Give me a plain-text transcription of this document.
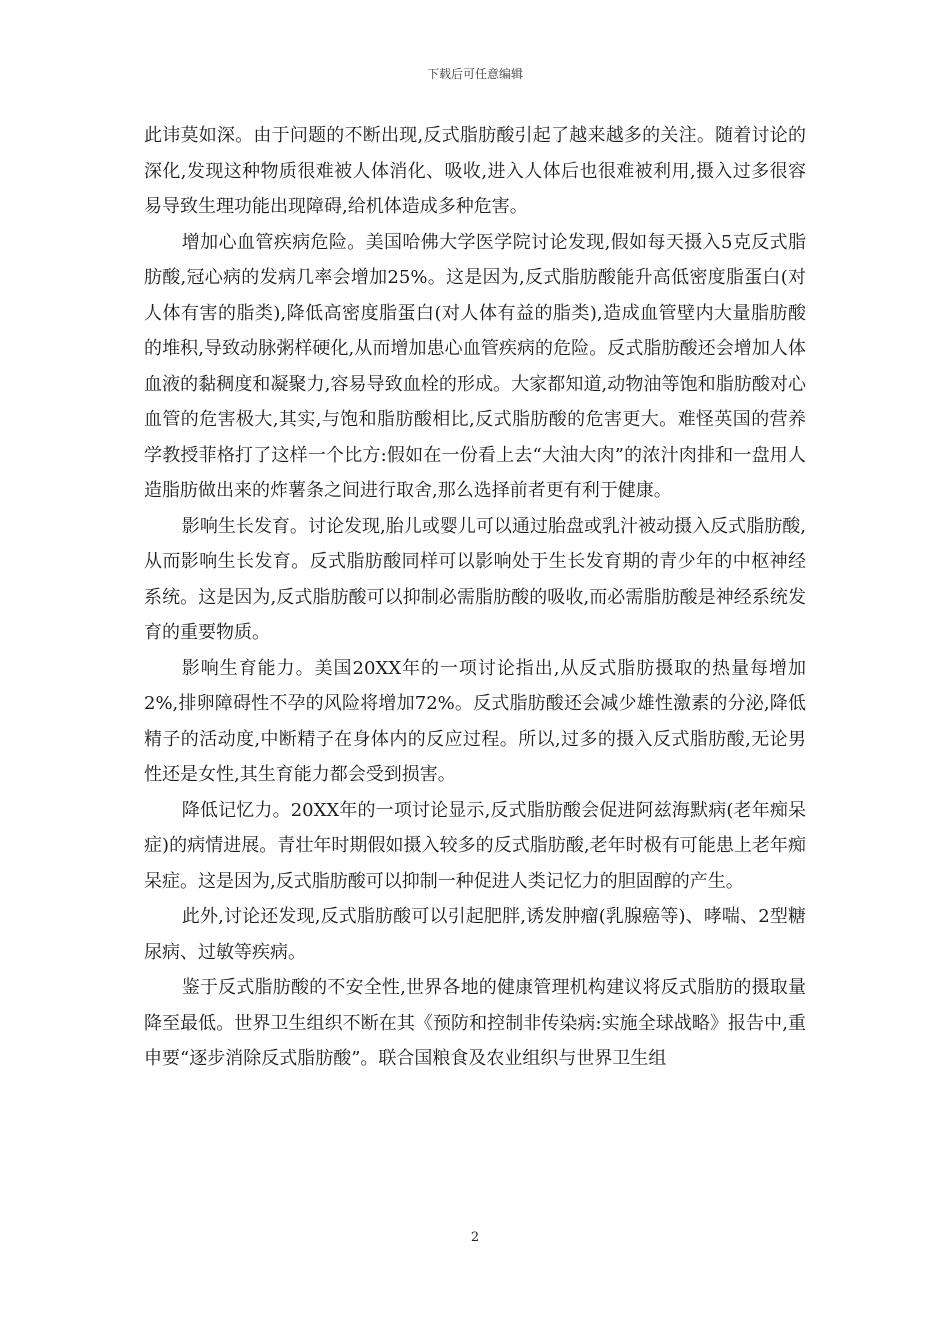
下载后可任意编辑

此讳莫如深。由于问题的不断出现,反式脂肪酸引起了越来越多的关注。随着讨论的深化,发现这种物质很难被人体消化、吸收,进入人体后也很难被利用,摄入过多很容易导致生理功能出现障碍,给机体造成多种危害。

增加心血管疾病危险。美国哈佛大学医学院讨论发现,假如每天摄入5克反式脂肪酸,冠心病的发病几率会增加25%。这是因为,反式脂肪酸能升高低密度脂蛋白(对人体有害的脂类),降低高密度脂蛋白(对人体有益的脂类),造成血管壁内大量脂肪酸的堆积,导致动脉粥样硬化,从而增加患心血管疾病的危险。反式脂肪酸还会增加人体血液的黏稠度和凝聚力,容易导致血栓的形成。大家都知道,动物油等饱和脂肪酸对心血管的危害极大,其实,与饱和脂肪酸相比,反式脂肪酸的危害更大。难怪英国的营养学教授菲格打了这样一个比方:假如在一份看上去“大油大肉”的浓汁肉排和一盘用人造脂肪做出来的炸薯条之间进行取舍,那么选择前者更有利于健康。

影响生长发育。讨论发现,胎儿或婴儿可以通过胎盘或乳汁被动摄入反式脂肪酸,从而影响生长发育。反式脂肪酸同样可以影响处于生长发育期的青少年的中枢神经系统。这是因为,反式脂肪酸可以抑制必需脂肪酸的吸收,而必需脂肪酸是神经系统发育的重要物质。

影响生育能力。美国20XX年的一项讨论指出,从反式脂肪摄取的热量每增加2%,排卵障碍性不孕的风险将增加72%。反式脂肪酸还会减少雄性激素的分泌,降低精子的活动度,中断精子在身体内的反应过程。所以,过多的摄入反式脂肪酸,无论男性还是女性,其生育能力都会受到损害。

降低记忆力。20XX年的一项讨论显示,反式脂肪酸会促进阿兹海默病(老年痴呆症)的病情进展。青壮年时期假如摄入较多的反式脂肪酸,老年时极有可能患上老年痴呆症。这是因为,反式脂肪酸可以抑制一种促进人类记忆力的胆固醇的产生。

此外,讨论还发现,反式脂肪酸可以引起肥胖,诱发肿瘤(乳腺癌等)、哮喘、2型糖尿病、过敏等疾病。

鉴于反式脂肪酸的不安全性,世界各地的健康管理机构建议将反式脂肪的摄取量降至最低。世界卫生组织不断在其《预防和控制非传染病:实施全球战略》报告中,重申要“逐步消除反式脂肪酸”。联合国粮食及农业组织与世界卫生组

2
